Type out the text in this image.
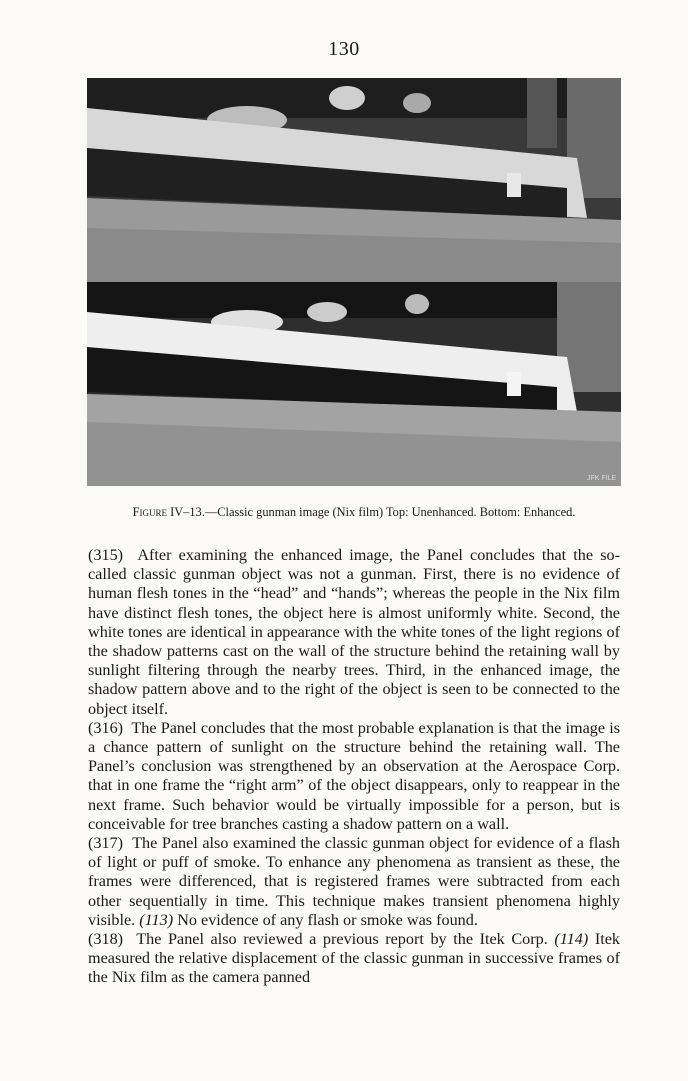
130
JFK FILE
Figure IV–13.—Classic gunman image (Nix film) Top: Unenhanced. Bottom: Enhanced.

(315) After examining the enhanced image, the Panel concludes that the so-called classic gunman object was not a gunman. First, there is no evidence of human flesh tones in the “head” and “hands”; whereas the people in the Nix film have distinct flesh tones, the object here is almost uniformly white. Second, the white tones are identical in appearance with the white tones of the light regions of the shadow patterns cast on the wall of the structure behind the retaining wall by sunlight filtering through the nearby trees. Third, in the enhanced image, the shadow pattern above and to the right of the object is seen to be connected to the object itself.

(316) The Panel concludes that the most probable explanation is that the image is a chance pattern of sunlight on the structure behind the retaining wall. The Panel’s conclusion was strengthened by an observation at the Aerospace Corp. that in one frame the “right arm” of the object disappears, only to reappear in the next frame. Such behavior would be virtually impossible for a person, but is conceivable for tree branches casting a shadow pattern on a wall.

(317) The Panel also examined the classic gunman object for evidence of a flash of light or puff of smoke. To enhance any phenomena as transient as these, the frames were differenced, that is registered frames were subtracted from each other sequentially in time. This technique makes transient phenomena highly visible. (113) No evidence of any flash or smoke was found.

(318) The Panel also reviewed a previous report by the Itek Corp. (114) Itek measured the relative displacement of the classic gunman in successive frames of the Nix film as the camera panned
